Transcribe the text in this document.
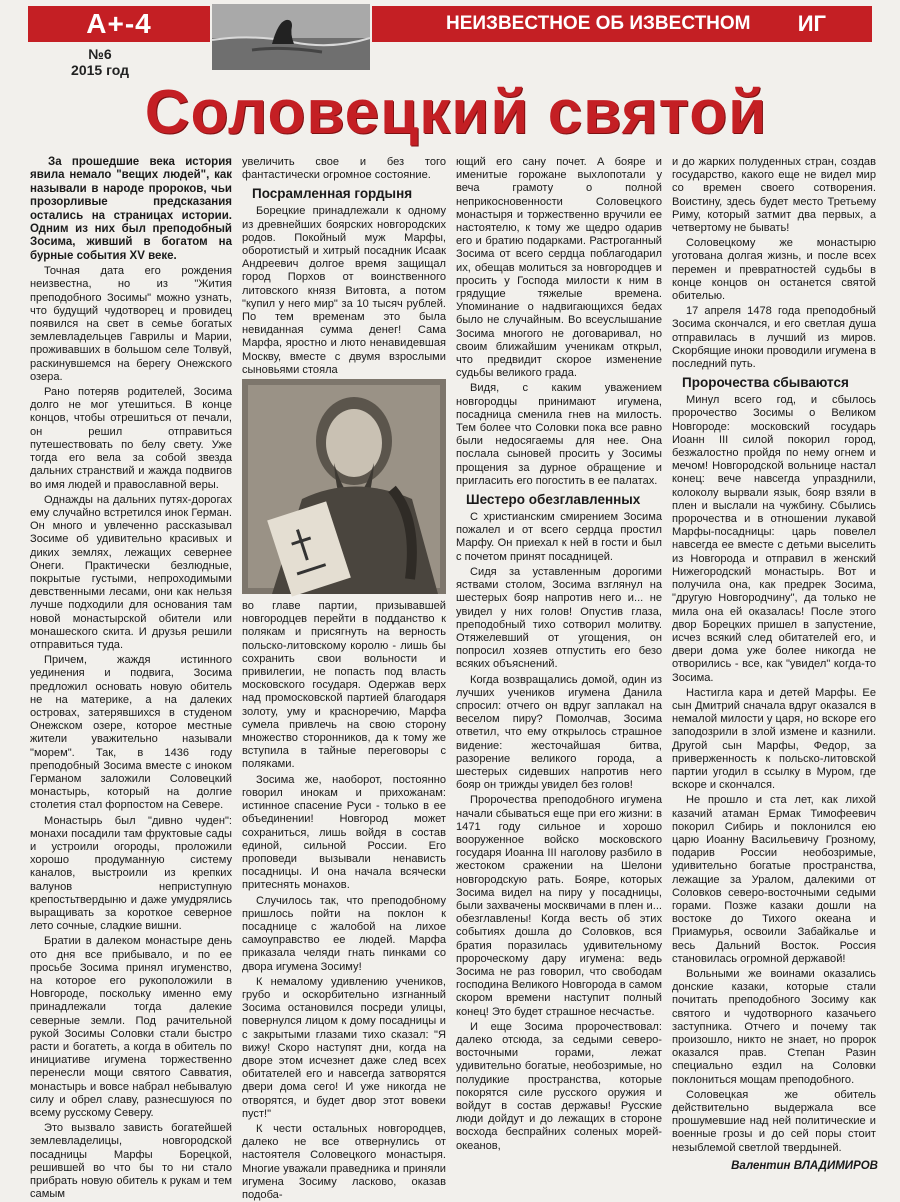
А+-4	НЕИЗВЕСТНОЕ ОБ ИЗВЕСТНОМ ИГ
№6
2015 год
Соловецкий святой

За прошедшие века история явила немало "вещих людей", как называли в народе пророков, чьи прозорливые предсказания остались на страницах истории. Одним из них был преподобный Зосима, живший в богатом на бурные события XV веке.

Точная дата его рождения неизвестна, но из "Жития преподобного Зосимы" можно узнать, что будущий чудотворец и провидец появился на свет в семье богатых землевладельцев Гаврилы и Марии, проживавших в большом селе Толвуй, раскинувшемся на берегу Онежского озера.

Рано потеряв родителей, Зосима долго не мог утешиться. В конце концов, чтобы отрешиться от печали, он решил отправиться путешествовать по белу свету. Уже тогда его вела за собой звезда дальних странствий и жажда подвигов во имя людей и православной веры.

Однажды на дальних путях-дорогах ему случайно встретился инок Герман. Он много и увлеченно рассказывал Зосиме об удивительно красивых и диких землях, лежащих севернее Онеги. Практически безлюдные, покрытые густыми, непроходимыми девственными лесами, они как нельзя лучше подходили для основания там новой монастырской обители или монашеского скита. И друзья решили отправиться туда.

Причем, жаждя истинного уединения и подвига, Зосима предложил основать новую обитель не на материке, а на далеких островах, затерявшихся в студеном Онежском озере, которое местные жители уважительно называли "морем". Так, в 1436 году преподобный Зосима вместе с иноком Германом заложили Соловецкий монастырь, который на долгие столетия стал форпостом на Севере.

Монастырь был "дивно чуден": монахи посадили там фруктовые сады и устроили огороды, проложили хорошо продуманную систему каналов, выстроили из крепких валунов неприступную крепостьтвердыню и даже умудрялись выращивать за короткое северное лето сочные, сладкие вишни.

Братии в далеком монастыре день ото дня все прибывало, и по ее просьбе Зосима принял игуменство, на которое его рукоположили в Новгороде, поскольку именно ему принадлежали тогда далекие северные земли. Под рачительной рукой Зосимы Соловки стали быстро расти и богатеть, а когда в обитель по инициативе игумена торжественно перенесли мощи святого Савватия, монастырь и вовсе набрал небывалую силу и обрел славу, разнесшуюся по всему русскому Северу.

Это вызвало зависть богатейшей землевладелицы, новгородской посадницы Марфы Борецкой, решившей во что бы то ни стало прибрать новую обитель к рукам и тем самым

увеличить свое и без того фантастически огромное состояние.

Посрамленная гордыня

Борецкие принадлежали к одному из древнейших боярских новгородских родов. Покойный муж Марфы, оборотистый и хитрый посадник Исаак Андреевич долгое время защищал город Порхов от воинственного литовского князя Витовта, а потом "купил у него мир" за 10 тысяч рублей. По тем временам это была невиданная сумма денег! Сама Марфа, яростно и люто ненавидевшая Москву, вместе с двумя взрослыми сыновьями стояла

во главе партии, призывавшей новгородцев перейти в подданство к полякам и присягнуть на верность польско-литовскому королю - лишь бы сохранить свои вольности и привилегии, не попасть под власть московского государя. Одержав верх над промосковской партией благодаря золоту, уму и красноречию, Марфа сумела привлечь на свою сторону множество сторонников, да к тому же вступила в тайные переговоры с поляками.

Зосима же, наоборот, постоянно говорил инокам и прихожанам: истинное спасение Руси - только в ее объединении! Новгород может сохраниться, лишь войдя в состав единой, сильной России. Его проповеди вызывали ненависть посадницы. И она начала всячески притеснять монахов.

Случилось так, что преподобному пришлось пойти на поклон к посаднице с жалобой на лихое самоуправство ее людей. Марфа приказала челяди гнать пинками со двора игумена Зосиму!

К немалому удивлению учеников, грубо и оскорбительно изгнанный Зосима остановился посреди улицы, повернулся лицом к дому посадницы и с закрытыми глазами тихо сказал: "Я вижу! Скоро наступят дни, когда на дворе этом исчезнет даже след всех обитателей его и навсегда затворятся двери дома сего! И уже никогда не отворятся, и будет двор этот вовеки пуст!"

К чести остальных новгородцев, далеко не все отвернулись от настоятеля Соловецкого монастыря. Многие уважали праведника и приняли игумена Зосиму ласково, оказав подоба-

ющий его сану почет. А бояре и именитые горожане выхлопотали у веча грамоту о полной неприкосновенности Соловецкого монастыря и торжественно вручили ее настоятелю, к тому же щедро одарив его и братию подарками. Растроганный Зосима от всего сердца поблагодарил их, обещав молиться за новгородцев и просить у Господа милости к ним в грядущие тяжелые времена. Упоминание о надвигающихся бедах было не случайным. Во всеуслышание Зосима многого не договаривал, но своим ближайшим ученикам открыл, что предвидит скорое изменение судьбы великого града.

Видя, с каким уважением новгородцы принимают игумена, посадница сменила гнев на милость. Тем более что Соловки пока все равно были недосягаемы для нее. Она послала сыновей просить у Зосимы прощения за дурное обращение и пригласить его погостить в ее палатах.

Шестеро обезглавленных

С христианским смирением Зосима пожалел и от всего сердца простил Марфу. Он приехал к ней в гости и был с почетом принят посадницей.

Сидя за уставленным дорогими яствами столом, Зосима взглянул на шестерых бояр напротив него и... не увидел у них голов! Опустив глаза, преподобный тихо сотворил молитву. Отяжелевший от угощения, он попросил хозяев отпустить его безо всяких объяснений.

Когда возвращались домой, один из лучших учеников игумена Данила спросил: отчего он вдруг заплакал на веселом пиру? Помолчав, Зосима ответил, что ему открылось страшное видение: жесточайшая битва, разорение великого города, а шестерых сидевших напротив него бояр он трижды увидел без голов!

Пророчества преподобного игумена начали сбываться еще при его жизни: в 1471 году сильное и хорошо вооруженное войско московского государя Иоанна III наголову разбило в жестоком сражении на Шелони новгородскую рать. Бояре, которых Зосима видел на пиру у посадницы, были захвачены москвичами в плен и... обезглавлены! Когда весть об этих событиях дошла до Соловков, вся братия поразилась удивительному пророческому дару игумена: ведь Зосима не раз говорил, что свободам господина Великого Новгорода в самом скором времени наступит полный конец! Это будет страшное несчастье.

И еще Зосима пророчествовал: далеко отсюда, за седыми северо-восточными горами, лежат удивительно богатые, необозримые, но полудикие пространства, которые покорятся силе русского оружия и войдут в состав державы! Русские люди дойдут и до лежащих в стороне восхода беспрайних соленых морей-океанов,

и до жарких полуденных стран, создав государство, какого еще не видел мир со времен своего сотворения. Воистину, здесь будет место Третьему Риму, который затмит два первых, а четвертому не бывать!

Соловецкому же монастырю уготована долгая жизнь, и после всех перемен и превратностей судьбы в конце концов он останется святой обителью.

17 апреля 1478 года преподобный Зосима скончался, и его светлая душа отправилась в лучший из миров. Скорбящие иноки проводили игумена в последний путь.

Пророчества сбываются

Минул всего год, и сбылось пророчество Зосимы о Великом Новгороде: московский государь Иоанн III силой покорил город, безжалостно пройдя по нему огнем и мечом! Новгородской вольнице настал конец: вече навсегда упразднили, колоколу вырвали язык, бояр взяли в плен и выслали на чужбину. Сбылись пророчества и в отношении лукавой Марфы-посадницы: царь повелел навсегда ее вместе с детьми выселить из Новгорода и отправил в женский Нижегородский монастырь. Вот и получила она, как предрек Зосима, "другую Новгородчину", да только не мила она ей оказалась! После этого двор Борецких пришел в запустение, исчез всякий след обитателей его, и двери дома уже более никогда не отворились - все, как "увидел" когда-то Зосима.

Настигла кара и детей Марфы. Ее сын Дмитрий сначала вдруг оказался в немалой милости у царя, но вскоре его заподозрили в злой измене и казнили. Другой сын Марфы, Федор, за приверженность к польско-литовской партии угодил в ссылку в Муром, где вскоре и скончался.

Не прошло и ста лет, как лихой казачий атаман Ермак Тимофеевич покорил Сибирь и поклонился ею царю Иоанну Васильевичу Грозному, подарив России необозримые, удивительно богатые пространства, лежащие за Уралом, далекими от Соловков северо-восточными седыми горами. Позже казаки дошли на востоке до Тихого океана и Приамурья, освоили Забайкалье и весь Дальний Восток. Россия становилась огромной державой!

Вольными же воинами оказались донские казаки, которые стали почитать преподобного Зосиму как святого и чудотворного казачьего заступника. Отчего и почему так произошло, никто не знает, но пророк оказался прав. Степан Разин специально ездил на Соловки поклониться мощам преподобного.

Соловецкая же обитель действительно выдержала все прошумевшие над ней политические и военные грозы и до сей поры стоит незыблемой светлой твердыней.

Валентин ВЛАДИМИРОВ
